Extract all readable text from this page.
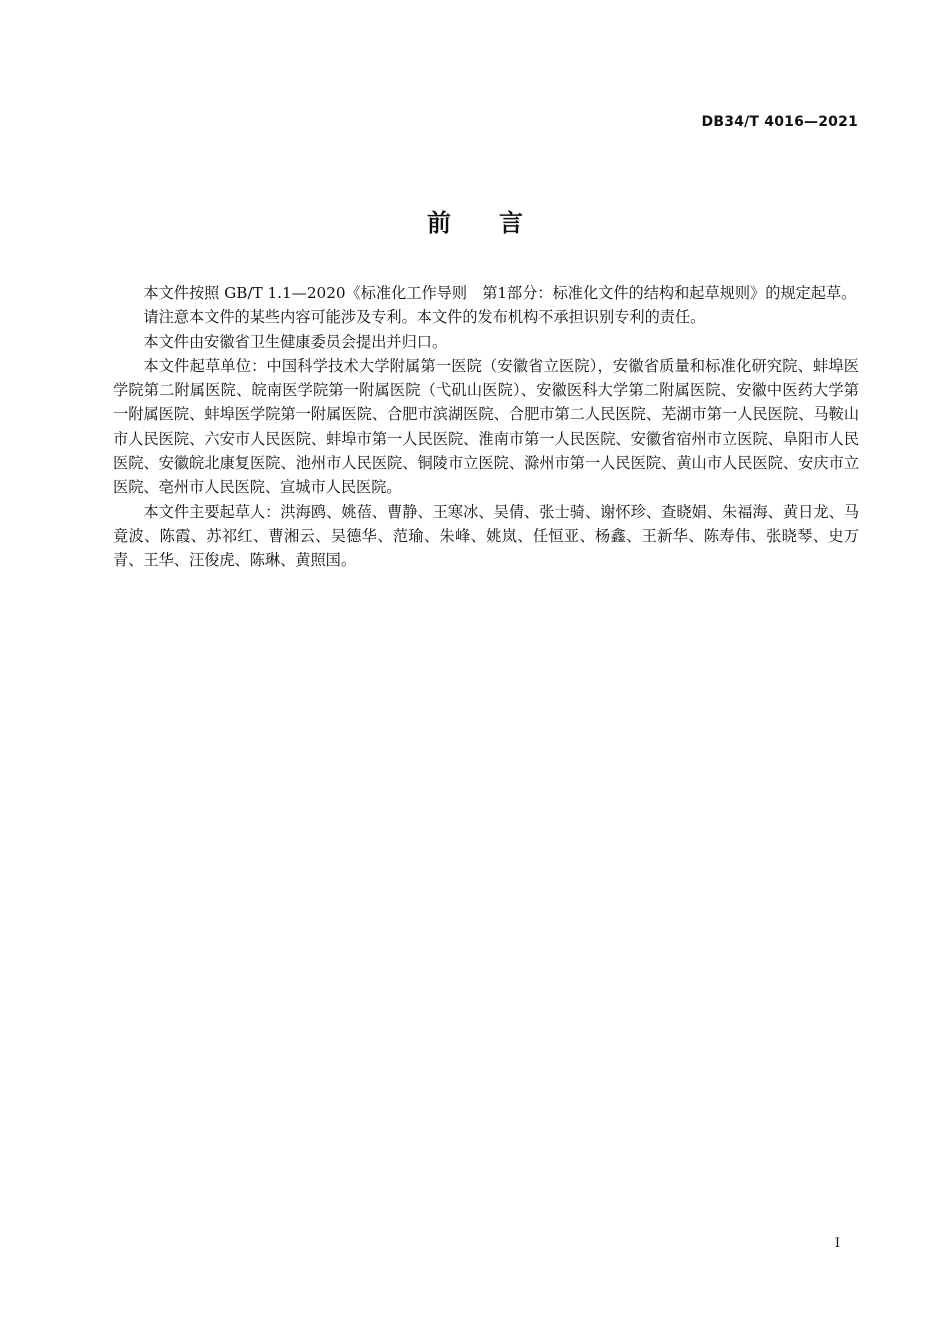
DB34/T 4016—2021
前言

本文件按照 GB/T 1.1—2020《标准化工作导则　第1部分：标准化文件的结构和起草规则》的规定起草。

请注意本文件的某些内容可能涉及专利。本文件的发布机构不承担识别专利的责任。

本文件由安徽省卫生健康委员会提出并归口。

本文件起草单位：中国科学技术大学附属第一医院（安徽省立医院），安徽省质量和标准化研究院、蚌埠医学院第二附属医院、皖南医学院第一附属医院（弋矶山医院）、安徽医科大学第二附属医院、安徽中医药大学第一附属医院、蚌埠医学院第一附属医院、合肥市滨湖医院、合肥市第二人民医院、芜湖市第一人民医院、马鞍山市人民医院、六安市人民医院、蚌埠市第一人民医院、淮南市第一人民医院、安徽省宿州市立医院、阜阳市人民医院、安徽皖北康复医院、池州市人民医院、铜陵市立医院、滁州市第一人民医院、黄山市人民医院、安庆市立医院、亳州市人民医院、宣城市人民医院。

本文件主要起草人：洪海鸥、姚蓓、曹静、王寒冰、吴倩、张士骑、谢怀珍、查晓娟、朱福海、黄日龙、马竟波、陈霞、苏祁红、曹湘云、吴德华、范瑜、朱峰、姚岚、任恒亚、杨鑫、王新华、陈寿伟、张晓琴、史万青、王华、汪俊虎、陈琳、黄照国。

I
